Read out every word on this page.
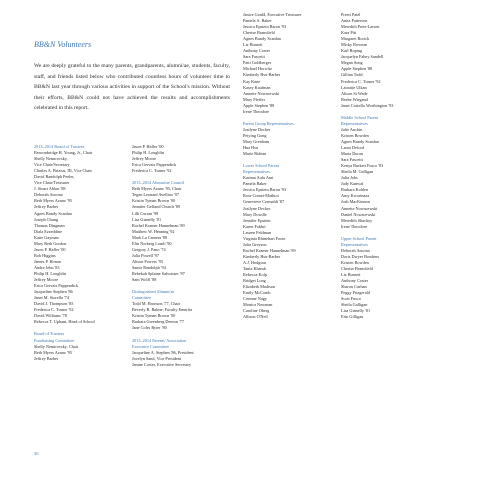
BB&N Volunteers
We are deeply grateful to the many parents, grandparents, alumni/ae, students, faculty, staff, and friends listed below who contributed countless hours of volunteer time to BB&N last year through various activities in support of the School's mission. Without their efforts, BB&N could not have achieved the results and accomplishments celebrated in this report.
2013–2014 Board of Trustees
Beaconbridge H. Young, Jr., Chair
Shelly Nemirovsky,
Vice Chair/Secretary
Charles A. Brizius, III, Vice Chair
David Randolph Peeler,
Vice Chair/Treasurer
J. Stuart Ablon '88
Deborah Ancona
Beth Myers Azano '95
Jeffrey Barber
Agnes Bundy Scanlan
Joseph Chung
Thomas Dingman
Diala Ezzeddine
Katie Gayman
Mary Beth Gordon
Jason P. Hafler '00
Bob Higgins
James P. Honan
Andre Jehn '83
Philip H. Loughlin
Jeffrey Moore
Erica Gervais Pappendick
Jacqueline Stephen '86
Janet M. Storella '74
David J. Thompson '85
Frederica C. Turner '92
David Williams '78
Rebecca T. Upham, Head of School
Board of Trustees
Fundraising Committee
Shelly Nemirovsky, Chair
Beth Myers Azano '95
Jeffrey Barber
Jason P. Hafler '00
Philip H. Loughlin
Jeffrey Moore
Erica Gervais Pappendick
Frederica C. Turner '92
2013–2014 Alumni/ae Council
Beth Myers Azano '95, Chair
Tegan Leonard Avellino '97
Kristin Tyman Brown '00
Jennifer Gelfand Church '89
Lilli Curran '98
Lisa Gianelly '81
Rachel Kramer Hannelman '89
Matthew W. Henning '92
Mark La Camera '88
Elin Norberg Lomb '90
Gregory J. Pano '74
Julia Powell '97
Alison Powers '95
Samir Randolph '94
Rebekah Splaine Salwasser '97
Sam Wolff '88
Distinguished Alumni/ae
Committee
Todd M. Harrison '77, Chair
Beverly B. Balme, Faculty Emerita
Kristin Tyman Brown '00
Barbara Greenberg Denton '77
Jane Coles Ryter '80
2013–2014 Parents' Association
Executive Committee
Jacqueline A. Stephen '86, President
Jocelyn Sand, Vice President
Janine Coster, Executive Secretary
Janice Gould, Executive Treasurer
Pamela A. Baker
Jessica Epstein Baron '93
Cherise Bransfield
Agnes Bundy Scanlan
Liz Burnett
Anthony Coster
Sara Fascetti
Patti Goldberger
Michael Horwitz
Kimberly Hsu-Barber
Kay Kane
Kasey Kaufman
Annette Nowacewski
Mary Pfeffer
Apple Stephen '88
Irene Theodore
Parent Group Representatives
Josilyne Decker
Peiying Gong
Mary Grenham
Hua Hsu
Marie Rideau
Lower School Parent
Representatives
Karima Aulu Ami
Pamela Baker
Jessica Epstein Baron '93
Rose Comet-Mathiot
Genevieve Cremaldi '87
Josilyne Decker
Mary Dowdle
Jennifer Epstein
Karen Fabbri
Lauren Feldman
Virginia Rhinehart Foote
Julia Greyson
Rachel Kramer Hannelman '89
Kimberly Hsu-Barber
A.J. Hodgson
Tania Kharak
Rebecca Kolp
Bridget Long
Elizabeth Madison
Emily McComb
Corinne Nagy
Monica Newman
Caroline Oberg
Allison O'Neil
Preeti Patel
Anita Patterson
Meredith Prete-Larsen
Kara Pitt
Margaret Rorick
Micky Rowean
Karl Roping
Jacquelyn Fahey Sandell
Megan Song
Apple Stephen '88
Gillian Todd
Frederica C. Turner '92
Lauratte Ulkan
Alison Si Wade
Beebe Wiegand
Janet Costello Worthington '93
Middle School Parent
Representatives
Julie Anchin
Kristen Bowden
Agnes Bundy Scanlan
Laura Deford
Maria Duran
Sara Fascetti
Kenya Burkett Fusco '83
Sheila M. Galligan
Julia Jobs
Judy Kanwal
Barbara Kohlen
Amy Kwortnaza
Josh MacKinnon
Annette Nowacewski
Daniel Nowacewski
Meredith Shachoy
Irene Theodore
Upper School Parent
Representatives
Deborah Ancona
Doris Dwyer Boudens
Kristen Bowden
Cherise Bransfield
Liz Burnett
Anthony Coster
Sharon Curhan
Peggy Fitzgerald
Scott Fusco
Sheila Galligan
Lisa Gianelly '81
Erin Gilligan
30
